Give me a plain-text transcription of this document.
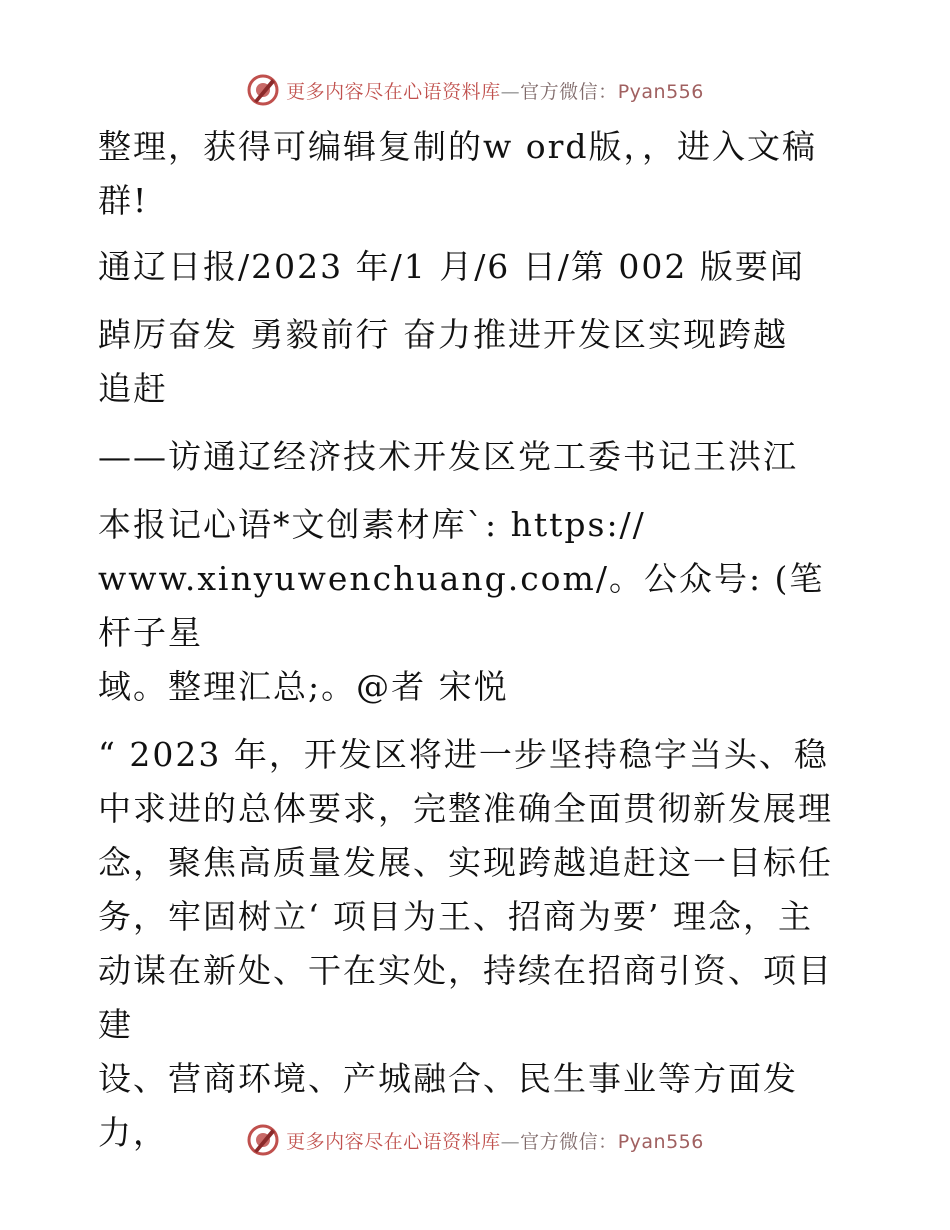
更多内容尽在心语资料库—官方微信：Pyan556

整理，获得可编辑复制的w ord版，，进入文稿
群!

通辽日报/2023 年/1 月/6 日/第 002 版要闻

踔厉奋发 勇毅前行 奋力推进开发区实现跨越
追赶

——访通辽经济技术开发区党工委书记王洪江

本报记心语*文创素材库`: https://
www.xinyuwenchuang.com/。公众号: (笔杆子星
域。整理汇总;。@者 宋悦

“ 2023 年，开发区将进一步坚持稳字当头、稳
中求进的总体要求，完整准确全面贯彻新发展理
念，聚焦高质量发展、实现跨越追赶这一目标任
务，牢固树立‘ 项目为王、招商为要’ 理念，主
动谋在新处、干在实处，持续在招商引资、项目建
设、营商环境、产城融合、民生事业等方面发力，	更多内容尽在心语资料库—官方微信：Pyan556
